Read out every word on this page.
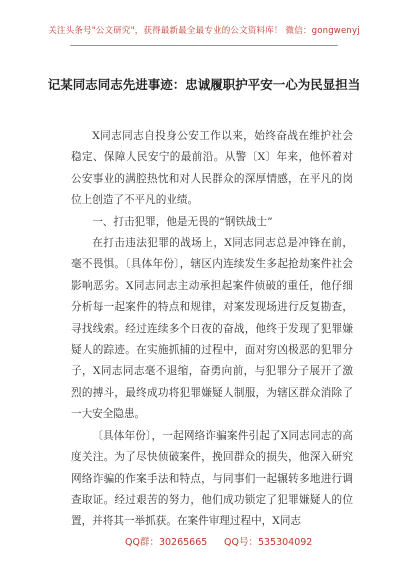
关注头条号"公文研究"，获得最新最全最专业的公文资料库！ 微信：gongwenyj
记某同志同志先进事迹：忠诚履职护平安一心为民显担当

X同志同志自投身公安工作以来，始终奋战在维护社会稳定、保障人民安宁的最前沿。从警〔X〕年来，他怀着对公安事业的满腔热忱和对人民群众的深厚情感，在平凡的岗位上创造了不平凡的业绩。

一、打击犯罪，他是无畏的“钢铁战士”

在打击违法犯罪的战场上，X同志同志总是冲锋在前，毫不畏惧。〔具体年份〕，辖区内连续发生多起抢劫案件社会影响恶劣。X同志同志主动承担起案件侦破的重任，他仔细分析每一起案件的特点和规律，对案发现场进行反复勘查，寻找线索。经过连续多个日夜的奋战，他终于发现了犯罪嫌疑人的踪迹。在实施抓捕的过程中，面对穷凶极恶的犯罪分子，X同志同志毫不退缩，奋勇向前，与犯罪分子展开了激烈的搏斗，最终成功将犯罪嫌疑人制服，为辖区群众消除了一大安全隐患。

〔具体年份〕，一起网络诈骗案件引起了X同志同志的高度关注。为了尽快侦破案件，挽回群众的损失，他深入研究网络诈骗的作案手法和特点，与同事们一起辗转多地进行调查取证。经过艰苦的努力，他们成功锁定了犯罪嫌疑人的位置，并将其一举抓获。在案件审理过程中，X同志

QQ群：30265665 QQ号：535304092
